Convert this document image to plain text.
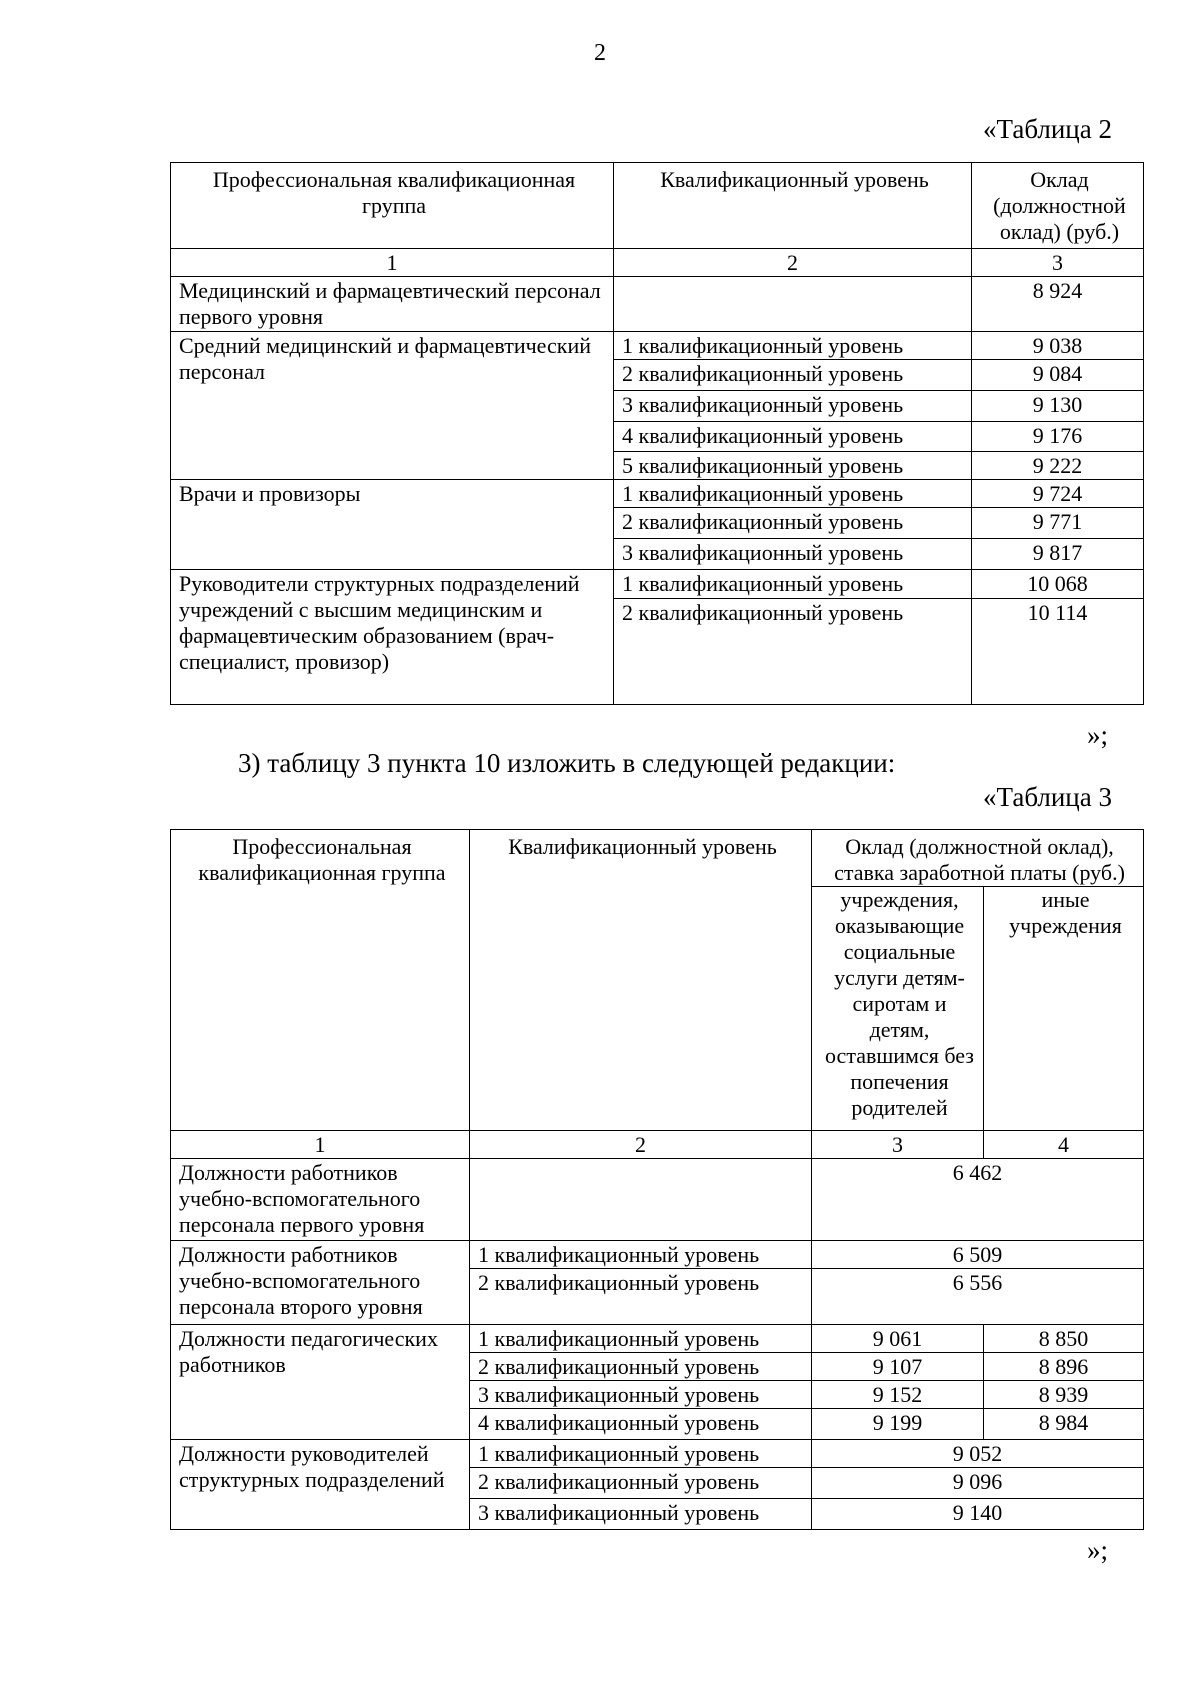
2
«Таблица 2
Профессиональная квалификационная группа	Квалификационный уровень	Оклад (должностной оклад) (руб.)
1	2	3
Медицинский и фармацевтический персонал первого уровня		8 924
Средний медицинский и фармацевтический персонал	1 квалификационный уровень	9 038
	2 квалификационный уровень	9 084
	3 квалификационный уровень	9 130
	4 квалификационный уровень	9 176
	5 квалификационный уровень	9 222
Врачи и провизоры	1 квалификационный уровень	9 724
	2 квалификационный уровень	9 771
	3 квалификационный уровень	9 817
Руководители структурных подразделений учреждений с высшим медицинским и фармацевтическим образованием (врач-специалист, провизор)	1 квалификационный уровень	10 068
	2 квалификационный уровень	10 114
»;
3) таблицу 3 пункта 10 изложить в следующей редакции:
«Таблица 3
Профессиональная квалификационная группа	Квалификационный уровень	Оклад (должностной оклад), ставка заработной платы (руб.)	
		учреждения, оказывающие социальные услуги детям-сиротам и детям, оставшимся без попечения родителей	иные учреждения
1	2	3	4
Должности работников учебно-вспомогательного персонала первого уровня		6 462	
Должности работников учебно-вспомогательного персонала второго уровня	1 квалификационный уровень	6 509	
	2 квалификационный уровень	6 556	
Должности педагогических работников	1 квалификационный уровень	9 061	8 850
	2 квалификационный уровень	9 107	8 896
	3 квалификационный уровень	9 152	8 939
	4 квалификационный уровень	9 199	8 984
Должности руководителей структурных подразделений	1 квалификационный уровень	9 052	
	2 квалификационный уровень	9 096	
	3 квалификационный уровень	9 140	
»;
